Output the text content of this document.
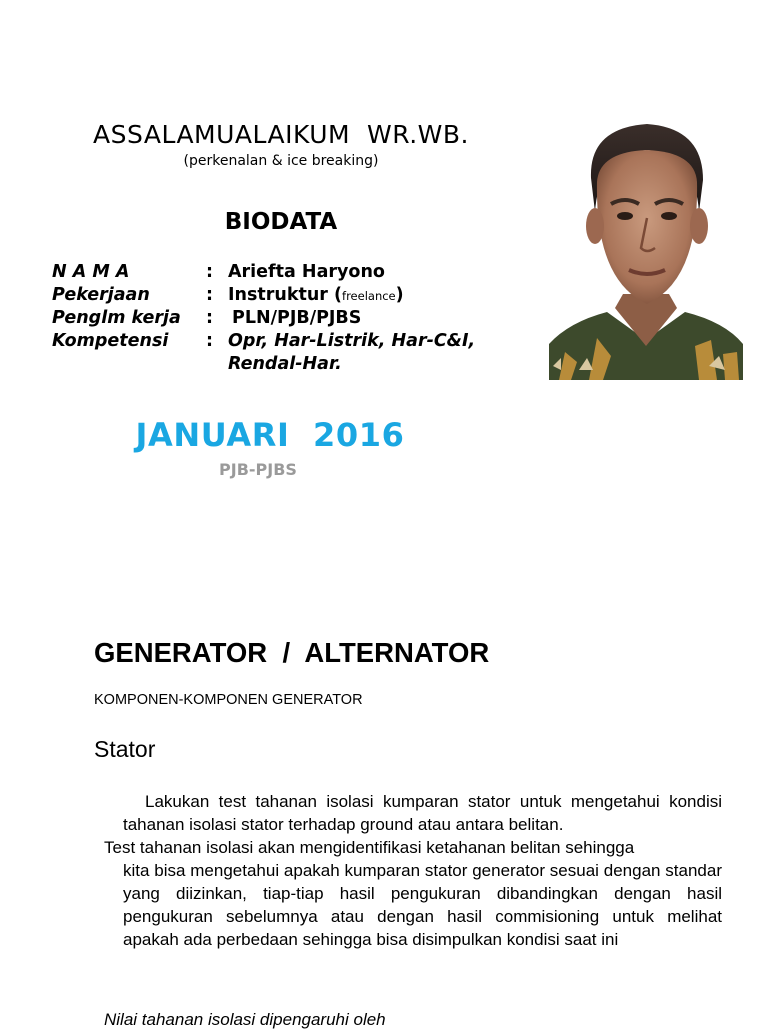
ASSALAMUALAIKUM  WR.WB.
(perkenalan & ice breaking)
BIODATA
N A M A	: Ariefta Haryono
Pekerjaan	: Instruktur (freelance)
Penglm kerja : PLN/PJB/PJBS
Kompetensi : Opr, Har-Listrik, Har-C&I,
Rendal-Har.
JANUARI  2016
PJB-PJBS
GENERATOR  /  ALTERNATOR
KOMPONEN-KOMPONEN GENERATOR
Stator
Lakukan test tahanan isolasi kumparan stator untuk mengetahui kondisi tahanan isolasi stator terhadap ground atau antara belitan.
Test tahanan isolasi akan mengidentifikasi ketahanan belitan sehingga
kita bisa mengetahui apakah kumparan stator generator sesuai dengan standar yang diizinkan, tiap-tiap hasil pengukuran dibandingkan dengan hasil pengukuran sebelumnya atau dengan hasil commisioning untuk melihat apakah ada perbedaan sehingga bisa disimpulkan kondisi saat ini
Nilai tahanan isolasi dipengaruhi oleh
